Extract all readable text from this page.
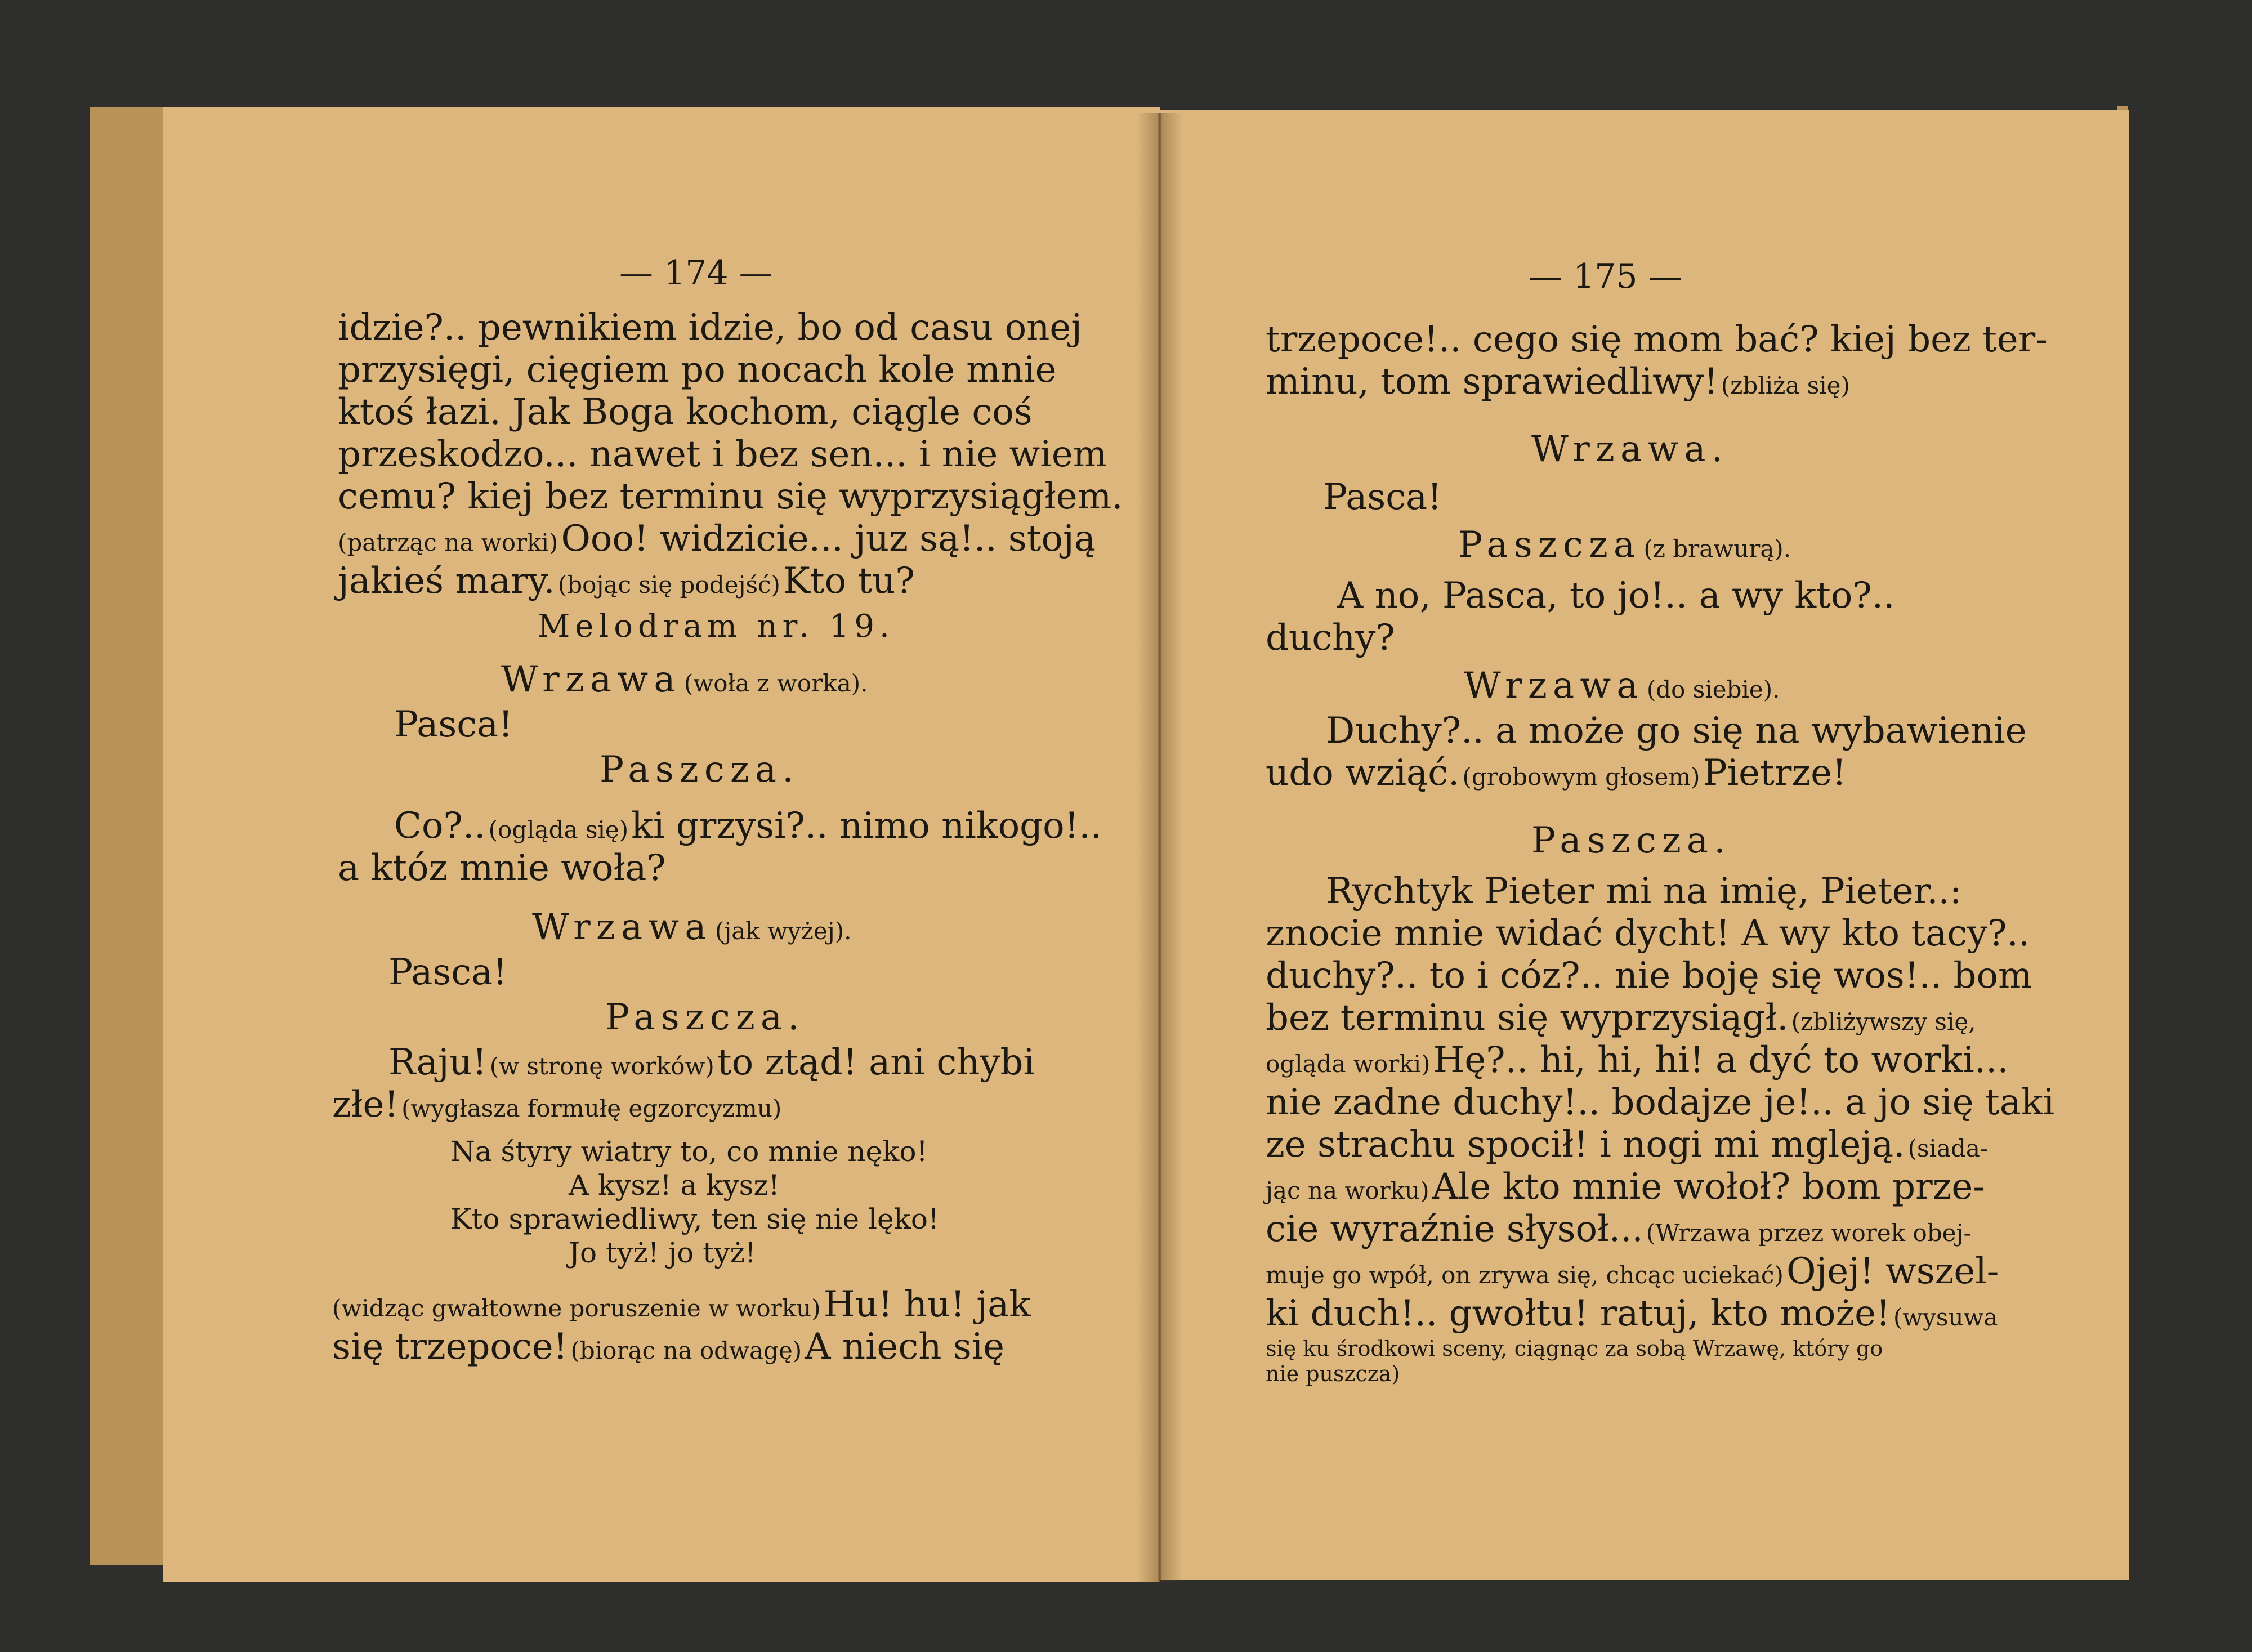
— 174 —
idzie?.. pewnikiem idzie, bo od casu onej
przysięgi, cięgiem po nocach kole mnie
ktoś łazi. Jak Boga kochom, ciągle coś
przeskodzo... nawet i bez sen... i nie wiem
cemu? kiej bez terminu się wyprzysiągłem.
(patrząc na worki) Ooo! widzicie... juz są!.. stoją
jakieś mary. (bojąc się podejść) Kto tu?
Melodram nr. 19.
Wrzawa (woła z worka).
Pasca!
Paszcza.
Co?.. (ogląda się) ki grzysi?.. nimo nikogo!..
a któz mnie woła?
Wrzawa (jak wyżej).
Pasca!
Paszcza.
Raju! (w stronę worków) to ztąd! ani chybi
złe! (wygłasza formułę egzorcyzmu)
Na śtyry wiatry to, co mnie nęko!
A kysz! a kysz!
Kto sprawiedliwy, ten się nie lęko!
Jo tyż! jo tyż!
(widząc gwałtowne poruszenie w worku) Hu! hu! jak
się trzepoce! (biorąc na odwagę) A niech się
— 175 —
trzepoce!.. cego się mom bać? kiej bez ter-
minu, tom sprawiedliwy! (zbliża się)
Wrzawa.
Pasca!
Paszcza (z brawurą).
A no, Pasca, to jo!.. a wy kto?..
duchy?
Wrzawa (do siebie).
Duchy?.. a może go się na wybawienie
udo wziąć. (grobowym głosem) Pietrze!
Paszcza.
Rychtyk Pieter mi na imię, Pieter..:
znocie mnie widać dycht! A wy kto tacy?..
duchy?.. to i cóz?.. nie boję się wos!.. bom
bez terminu się wyprzysiągł. (zbliżywszy się,
ogląda worki) Hę?.. hi, hi, hi! a dyć to worki...
nie zadne duchy!.. bodajze je!.. a jo się taki
ze strachu spocił! i nogi mi mgleją. (siada-
jąc na worku) Ale kto mnie wołoł? bom prze-
cie wyraźnie słysoł... (Wrzawa przez worek obej-
muje go wpół, on zrywa się, chcąc uciekać) Ojej! wszel-
ki duch!.. gwołtu! ratuj, kto może! (wysuwa
się ku środkowi sceny, ciągnąc za sobą Wrzawę, który go
nie puszcza)
